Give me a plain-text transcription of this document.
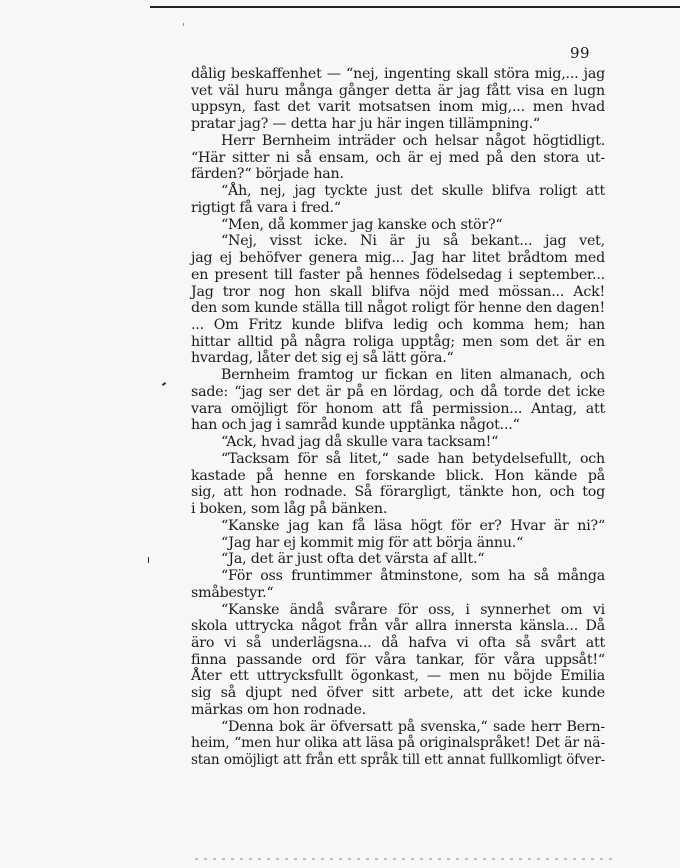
99
dålig beskaffenhet — “nej, ingenting skall störa mig,... jag
vet väl huru många gånger detta är jag fått visa en lugn
uppsyn, fast det varit motsatsen inom mig,... men hvad
pratar jag? — detta har ju här ingen tillämpning.“
Herr Bernheim inträder och helsar något högtidligt.
“Här sitter ni så ensam, och är ej med på den stora ut-
färden?“ började han.
“Åh, nej, jag tyckte just det skulle blifva roligt att
rigtigt få vara i fred.“
“Men, då kommer jag kanske och stör?“
“Nej, visst icke. Ni är ju så bekant... jag vet,
jag ej behöfver genera mig... Jag har litet brådtom med
en present till faster på hennes födelsedag i september...
Jag tror nog hon skall blifva nöjd med mössan... Ack!
den som kunde ställa till något roligt för henne den dagen!
... Om Fritz kunde blifva ledig och komma hem; han
hittar alltid på några roliga upptåg; men som det är en
hvardag, låter det sig ej så lätt göra.“
Bernheim framtog ur fickan en liten almanach, och
sade: “jag ser det är på en lördag, och då torde det icke
vara omöjligt för honom att få permission... Antag, att
han och jag i samråd kunde upptänka något...“
“Ack, hvad jag då skulle vara tacksam!“
“Tacksam för så litet,“ sade han betydelsefullt, och
kastade på henne en forskande blick. Hon kände på
sig, att hon rodnade. Så förargligt, tänkte hon, och tog
i boken, som låg på bänken.
“Kanske jag kan få läsa högt för er? Hvar är ni?“
“Jag har ej kommit mig för att börja ännu.“
“Ja, det är just ofta det värsta af allt.“
“För oss fruntimmer åtminstone, som ha så många
småbestyr.“
“Kanske ändå svårare för oss, i synnerhet om vi
skola uttrycka något från vår allra innersta känsla... Då
äro vi så underlägsna... då hafva vi ofta så svårt att
finna passande ord för våra tankar, för våra uppsåt!“
Åter ett uttrycksfullt ögonkast, — men nu böjde Emilia
sig så djupt ned öfver sitt arbete, att det icke kunde
märkas om hon rodnade.
“Denna bok är öfversatt på svenska,“ sade herr Bern-
heim, “men hur olika att läsa på originalspråket! Det är nä-
stan omöjligt att från ett språk till ett annat fullkomligt öfver-
